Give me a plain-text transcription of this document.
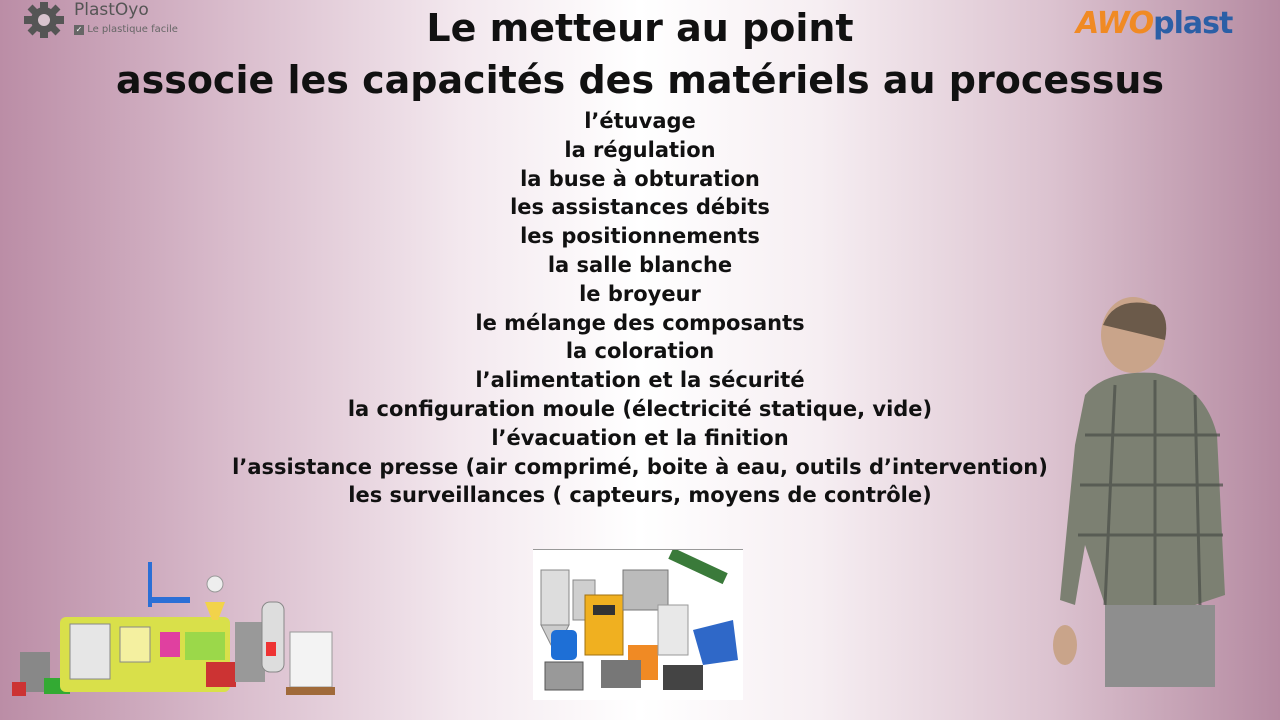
PlastOyo
✓ Le plastique facile	AWOplast
Le metteur au point
associe les capacités des matériels au processus
l’étuvage
la régulation
la buse à obturation
les assistances débits
les positionnements
la salle blanche
le broyeur
le mélange des composants
la coloration
l’alimentation et la sécurité
la configuration moule (électricité statique, vide)
l’évacuation et la finition
l’assistance presse (air comprimé, boite à eau, outils d’intervention)
les surveillances ( capteurs, moyens de contrôle)
